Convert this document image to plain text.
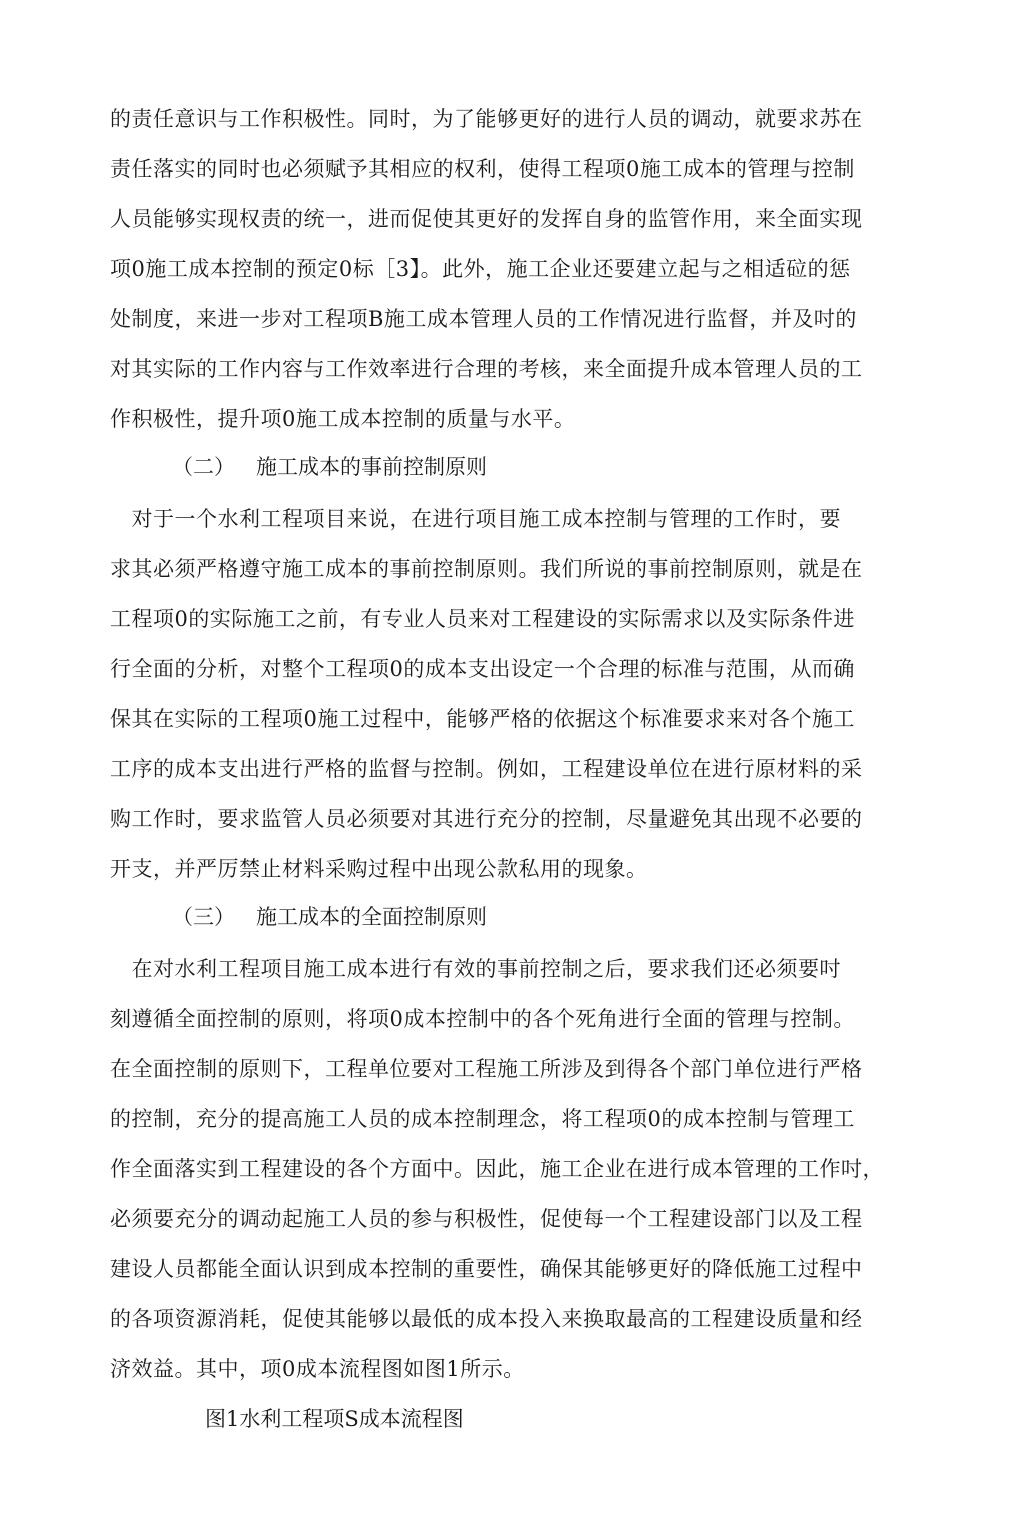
的责任意识与工作积极性。同时，为了能够更好的进行人员的调动，就要求苏在
责任落实的同时也必须赋予其相应的权利，使得工程项0施工成本的管理与控制
人员能够实现权责的统一，进而促使其更好的发挥自身的监管作用，来全面实现
项0施工成本控制的预定0标［3】。此外，施工企业还要建立起与之相适砬的惩
处制度，来进一步对工程项B施工成本管理人员的工作情况进行监督，并及吋的
对其实际的工作内容与工作效率进行合理的考核，来全面提升成本管理人员的工
作积极性，提升项0施工成本控制的质量与水平。
（二） 施工成本的事前控制原则
　对于一个水利工程项目来说，在进行项目施工成本控制与管理的工作时，要
求其必须严格遵守施工成本的事前控制原则。我们所说的事前控制原则，就是在
工程项0的实际施工之前，有专业人员来对工程建设的实际需求以及实际条件进
行全面的分析，对整个工程项0的成本支出设定一个合理的标准与范围，从而确
保其在实际的工程项0施工过程中，能够严格的依据这个标准要求来对各个施工
工序的成本支出进行严格的监督与控制。例如，工程建设单位在进行原材料的采
购工作时，要求监管人员必须要对其进行充分的控制，尽量避免其出现不必要的
开支，并严厉禁止材料采购过程中出现公款私用的现象。
（三） 施工成本的全面控制原则
　在对水利工程项目施工成本进行有效的事前控制之后，要求我们还必须要吋
刻遵循全面控制的原则，将项0成本控制中的各个死角进行全面的管理与控制。
在全面控制的原则下，工程单位要对工程施工所涉及到得各个部门单位进行严格
的控制，充分的提高施工人员的成本控制理念，将工程项0的成本控制与管理工
作全面落实到工程建设的各个方面中。因此，施工企业在进行成本管理的工作吋，
必须要充分的调动起施工人员的参与积极性，促使每一个工程建设部门以及工程
建设人员都能全面认识到成本控制的重要性，确保其能够更好的降低施工过程中
的各项资源消耗，促使其能够以最低的成本投入来换取最高的工程建设质量和经
济效益。其中，项0成本流程图如图1所示。
图1水利工程项S成本流程图
